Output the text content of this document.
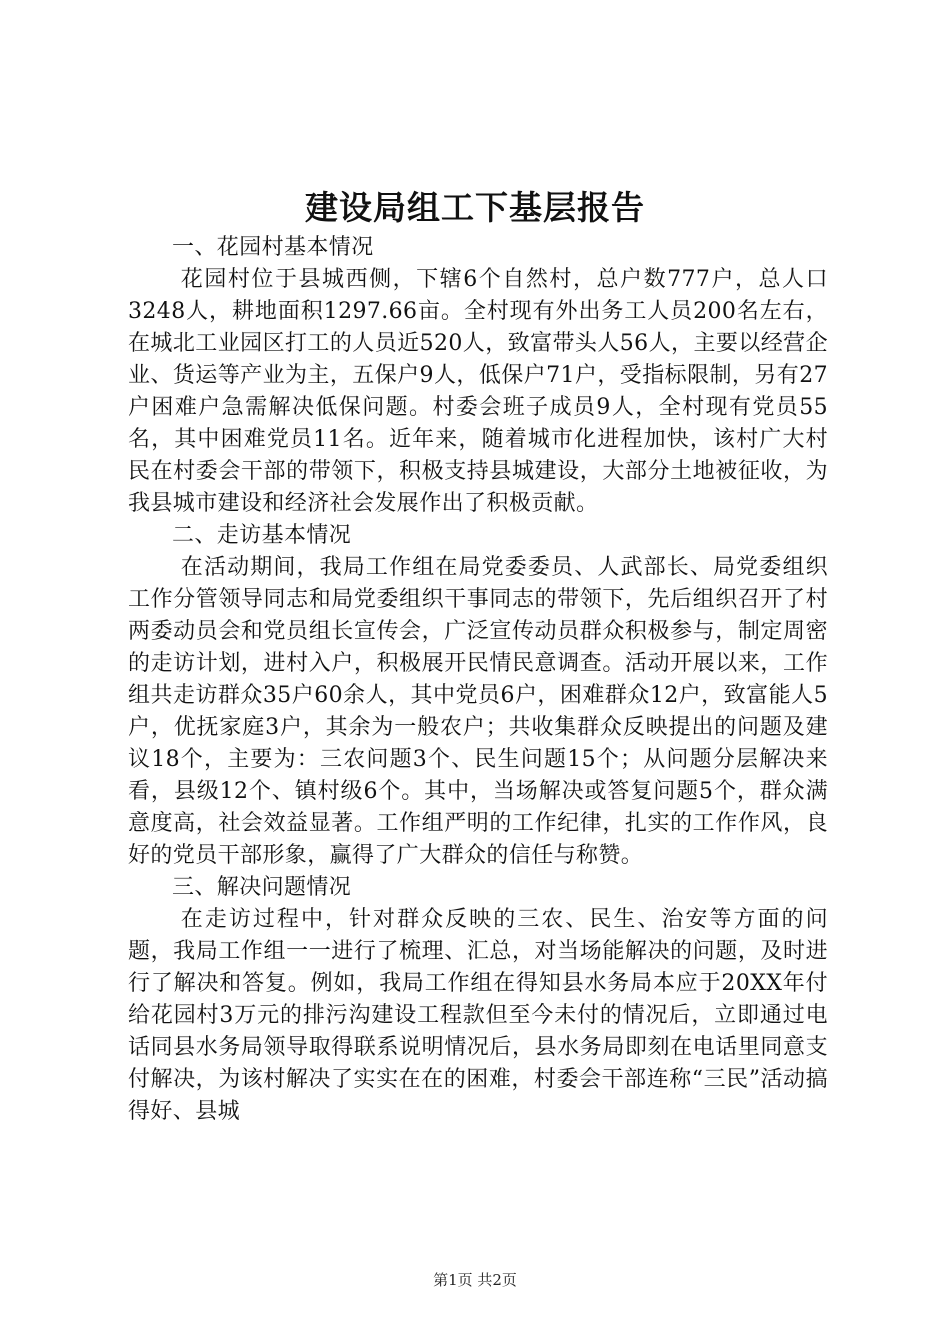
建设局组工下基层报告

一、花园村基本情况

花园村位于县城西侧，下辖6个自然村，总户数777户，总人口3248人，耕地面积1297.66亩。全村现有外出务工人员200名左右，在城北工业园区打工的人员近520人，致富带头人56人，主要以经营企业、货运等产业为主，五保户9人，低保户71户，受指标限制，另有27户困难户急需解决低保问题。村委会班子成员9人，全村现有党员55名，其中困难党员11名。近年来，随着城市化进程加快，该村广大村民在村委会干部的带领下，积极支持县城建设，大部分土地被征收，为我县城市建设和经济社会发展作出了积极贡献。

二、走访基本情况

在活动期间，我局工作组在局党委委员、人武部长、局党委组织工作分管领导同志和局党委组织干事同志的带领下，先后组织召开了村两委动员会和党员组长宣传会，广泛宣传动员群众积极参与，制定周密的走访计划，进村入户，积极展开民情民意调查。活动开展以来，工作组共走访群众35户60余人，其中党员6户，困难群众12户，致富能人5户，优抚家庭3户，其余为一般农户；共收集群众反映提出的问题及建议18个，主要为：三农问题3个、民生问题15个；从问题分层解决来看，县级12个、镇村级6个。其中，当场解决或答复问题5个，群众满意度高，社会效益显著。工作组严明的工作纪律，扎实的工作作风，良好的党员干部形象，赢得了广大群众的信任与称赞。

三、解决问题情况

在走访过程中，针对群众反映的三农、民生、治安等方面的问题，我局工作组一一进行了梳理、汇总，对当场能解决的问题，及时进行了解决和答复。例如，我局工作组在得知县水务局本应于20XX年付给花园村3万元的排污沟建设工程款但至今未付的情况后，立即通过电话同县水务局领导取得联系说明情况后，县水务局即刻在电话里同意支付解决，为该村解决了实实在在的困难，村委会干部连称“三民”活动搞得好、县城

第1页 共2页
